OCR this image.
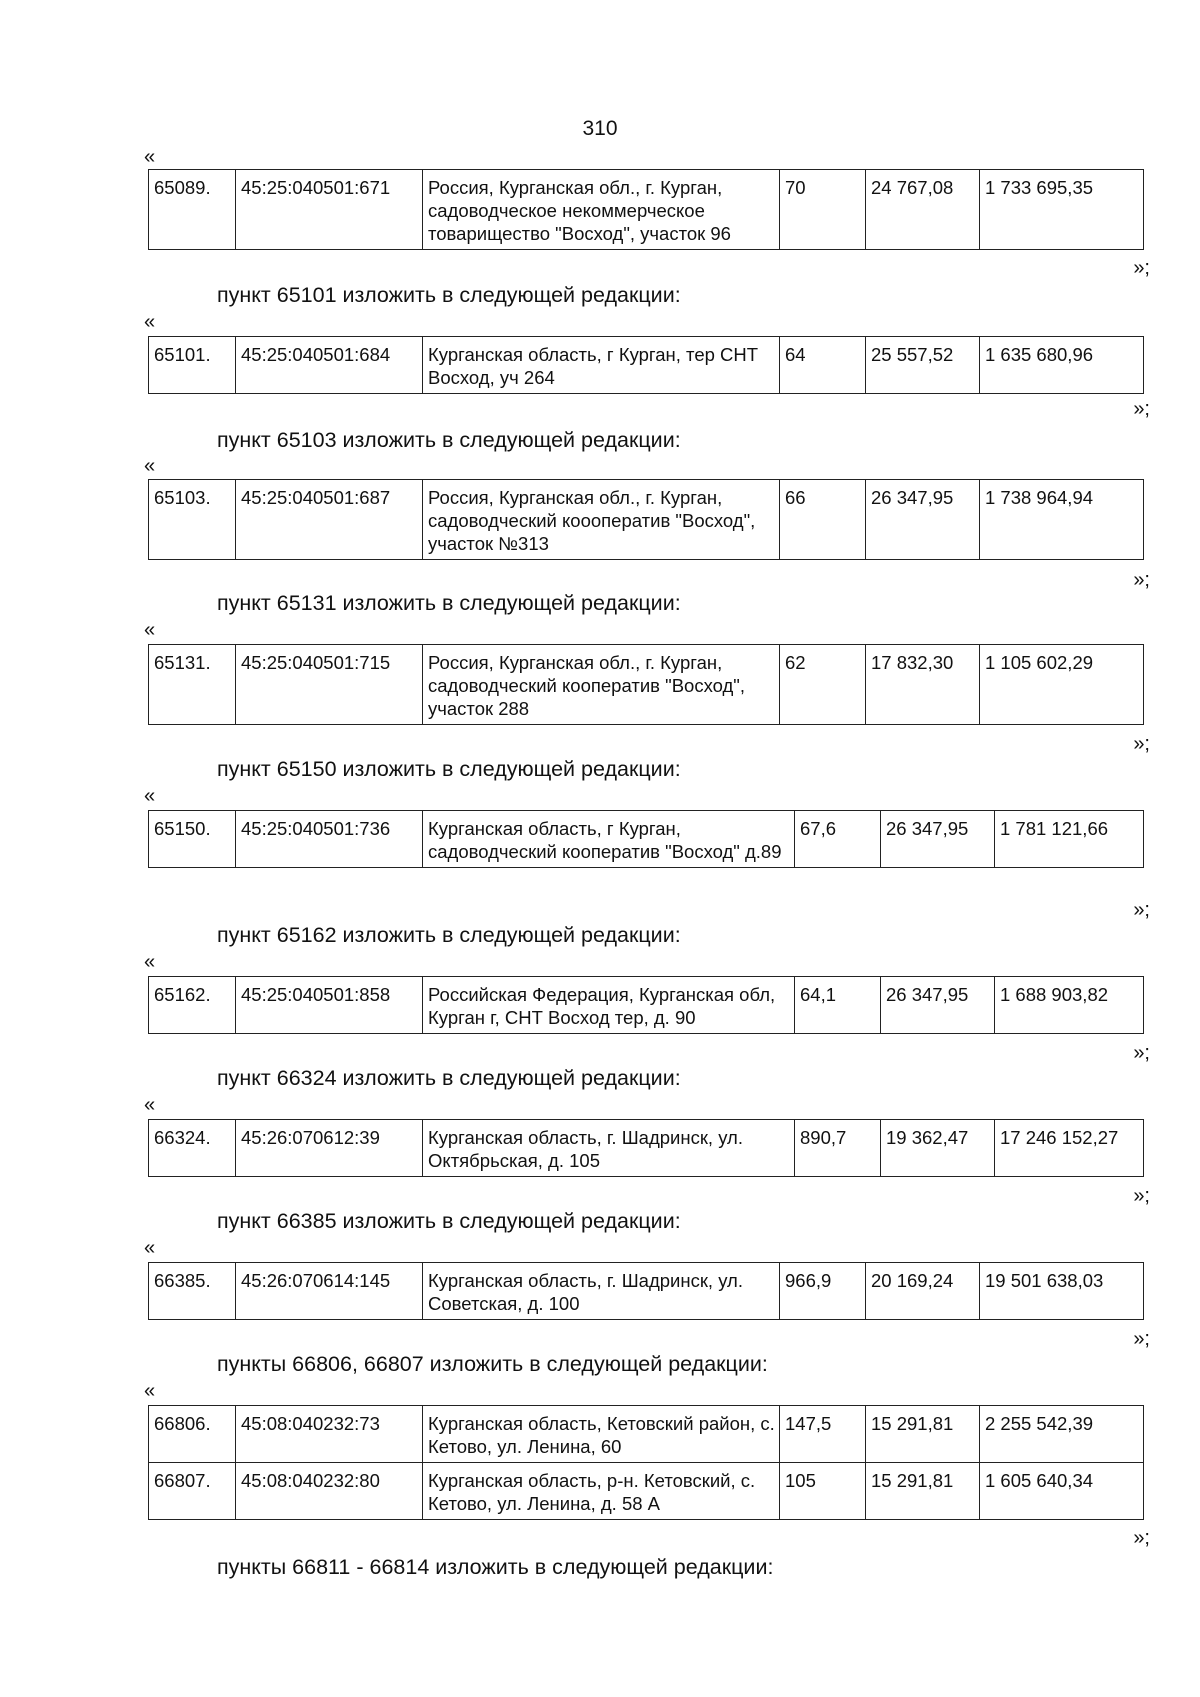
310
«
65089.	45:25:040501:671	Россия, Курганская обл., г. Курган, садоводческое некоммерческое товарищество "Восход", участок 96	70	24 767,08	1 733 695,35
»;
пункт 65101 изложить в следующей редакции:
«
65101.	45:25:040501:684	Курганская область, г Курган, тер СНТ Восход, уч 264	64	25 557,52	1 635 680,96
»;
пункт 65103 изложить в следующей редакции:
«
65103.	45:25:040501:687	Россия, Курганская обл., г. Курган, садоводческий кооoператив "Восход", участок №313	66	26 347,95	1 738 964,94
»;
пункт 65131 изложить в следующей редакции:
«
65131.	45:25:040501:715	Россия, Курганская обл., г. Курган, садоводческий кооператив "Восход", участок 288	62	17 832,30	1 105 602,29
»;
пункт 65150 изложить в следующей редакции:
«
65150.	45:25:040501:736	Курганская область, г Курган, садоводческий кооператив "Восход" д.89	67,6	26 347,95	1 781 121,66
»;
пункт 65162 изложить в следующей редакции:
«
65162.	45:25:040501:858	Российская Федерация, Курганская обл, Курган г, СНТ Восход тер, д. 90	64,1	26 347,95	1 688 903,82
»;
пункт 66324 изложить в следующей редакции:
«
66324.	45:26:070612:39	Курганская область, г. Шадринск, ул. Октябрьская, д. 105	890,7	19 362,47	17 246 152,27
»;
пункт 66385 изложить в следующей редакции:
«
66385.	45:26:070614:145	Курганская область, г. Шадринск, ул. Советская, д. 100	966,9	20 169,24	19 501 638,03
»;
пункты 66806, 66807 изложить в следующей редакции:
«
66806.	45:08:040232:73	Курганская область, Кетовский район, с. Кетово, ул. Ленина, 60	147,5	15 291,81	2 255 542,39
66807.	45:08:040232:80	Курганская область, р-н. Кетовский, с. Кетово, ул. Ленина, д. 58 А	105	15 291,81	1 605 640,34
»;
пункты 66811 - 66814 изложить в следующей редакции:
